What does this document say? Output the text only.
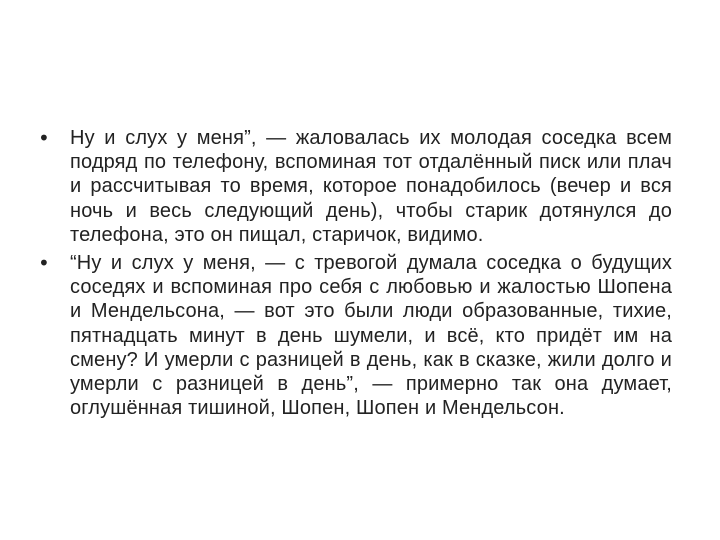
•	Ну и слух у меня”, — жаловалась их молодая соседка всем подряд по телефону, вспоминая тот отдалённый писк или плач и рассчитывая то время, которое понадобилось (вечер и вся ночь и весь следующий день), чтобы старик дотянулся до телефона, это он пищал, старичок, видимо.
•	“Ну и слух у меня, — с тревогой думала соседка о будущих соседях и вспоминая про себя с любовью и жалостью Шопена и Мендельсона, — вот это были люди образованные, тихие, пятнадцать минут в день шумели, и всё, кто придёт им на смену? И умерли с разницей в день, как в сказке, жили долго и умерли с разницей в день”, — примерно так она думает, оглушённая тишиной, Шопен, Шопен и Мендельсон.
